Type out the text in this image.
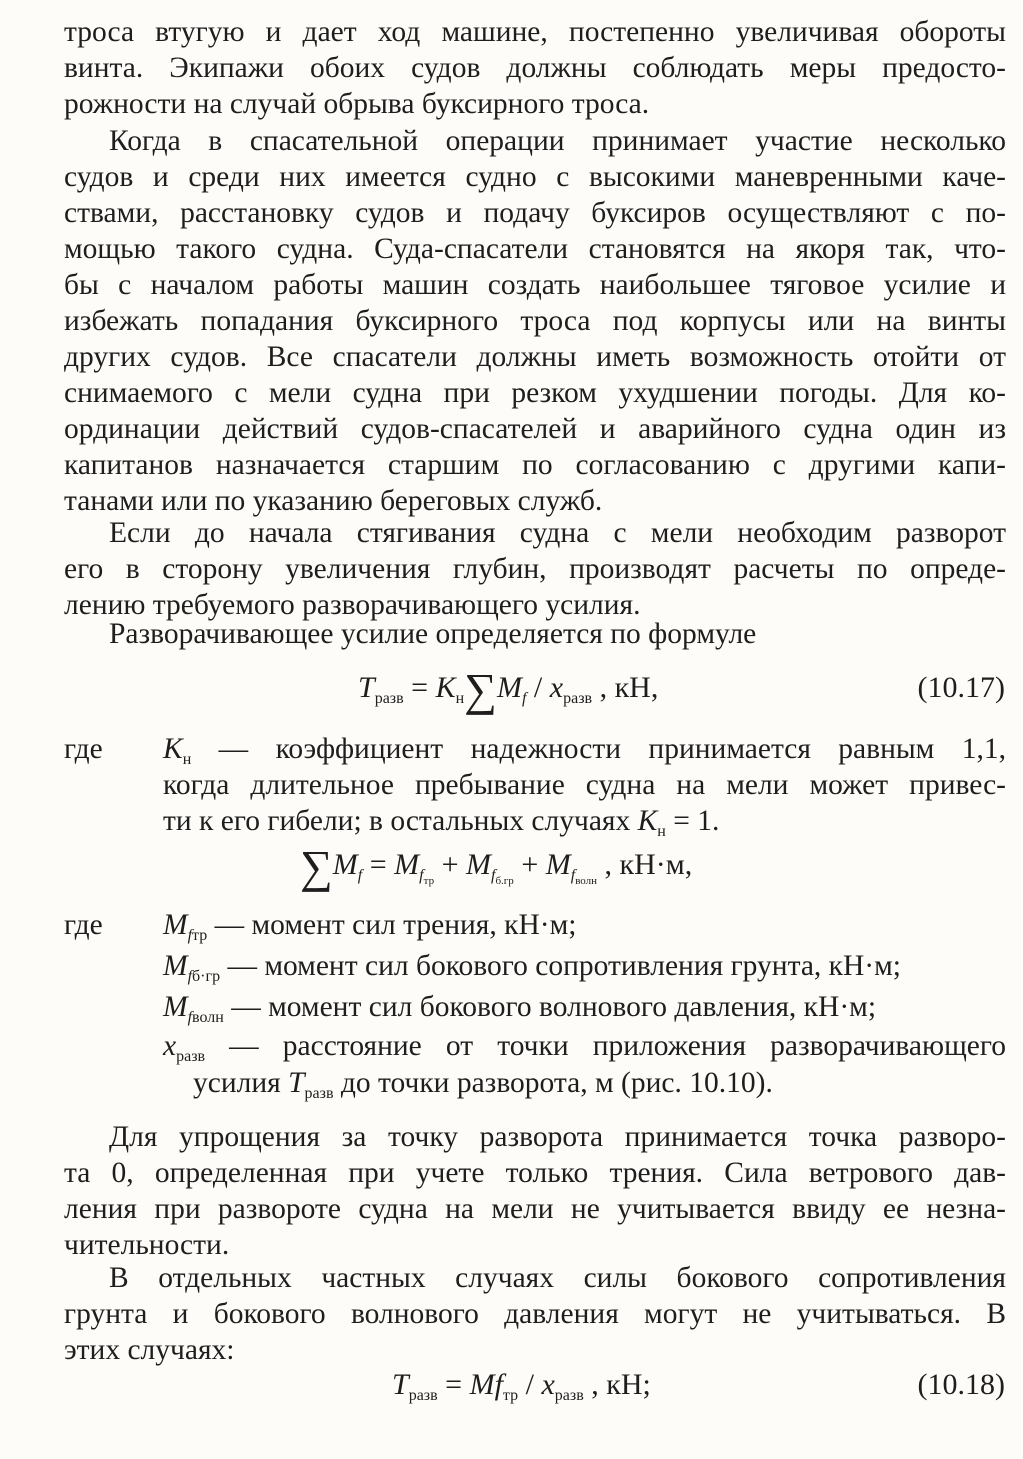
троса втугую и дает ход машине, постепенно увеличивая обороты
винта. Экипажи обоих судов должны соблюдать меры предосто-
рожности на случай обрыва буксирного троса.
Когда в спасательной операции принимает участие несколько
судов и среди них имеется судно с высокими маневренными каче-
ствами, расстановку судов и подачу буксиров осуществляют с по-
мощью такого судна. Суда-спасатели становятся на якоря так, что-
бы с началом работы машин создать наибольшее тяговое усилие и
избежать попадания буксирного троса под корпусы или на винты
других судов. Все спасатели должны иметь возможность отойти от
снимаемого с мели судна при резком ухудшении погоды. Для ко-
ординации действий судов-спасателей и аварийного судна один из
капитанов назначается старшим по согласованию с другими капи-
танами или по указанию береговых служб.
Если до начала стягивания судна с мели необходим разворот
его в сторону увеличения глубин, производят расчеты по опреде-
лению требуемого разворачивающего усилия.
Разворачивающее усилие определяется по формуле
$T_{разв} = K_н\sum M_f / x_{разв}$ , кН,	(10.17)
где $K_н$ — коэффициент надежности принимается равным 1,1,
когда длительное пребывание судна на мели может привес-
ти к его гибели; в остальных случаях $K_н = 1$.
$\sum M_f = M_{f_{тр}} + M_{f_{б.гр}} + M_{f_{волн}}$ , кН·м,
где $M_{fтр}$ — момент сил трения, кН·м;
$M_{fб\cdot гр}$ — момент сил бокового сопротивления грунта, кН·м;
$M_{fволн}$ — момент сил бокового волнового давления, кН·м;
$x_{разв}$ — расстояние от точки приложения разворачивающего
усилия $T_{разв}$ до точки разворота, м (рис. 10.10).
Для упрощения за точку разворота принимается точка разворо-
та 0, определенная при учете только трения. Сила ветрового дав-
ления при развороте судна на мели не учитывается ввиду ее незна-
чительности.
В отдельных частных случаях силы бокового сопротивления
грунта и бокового волнового давления могут не учитываться. В
этих случаях:
$T_{разв} = Mf_{тр} / x_{разв}$ , кН;	(10.18)
